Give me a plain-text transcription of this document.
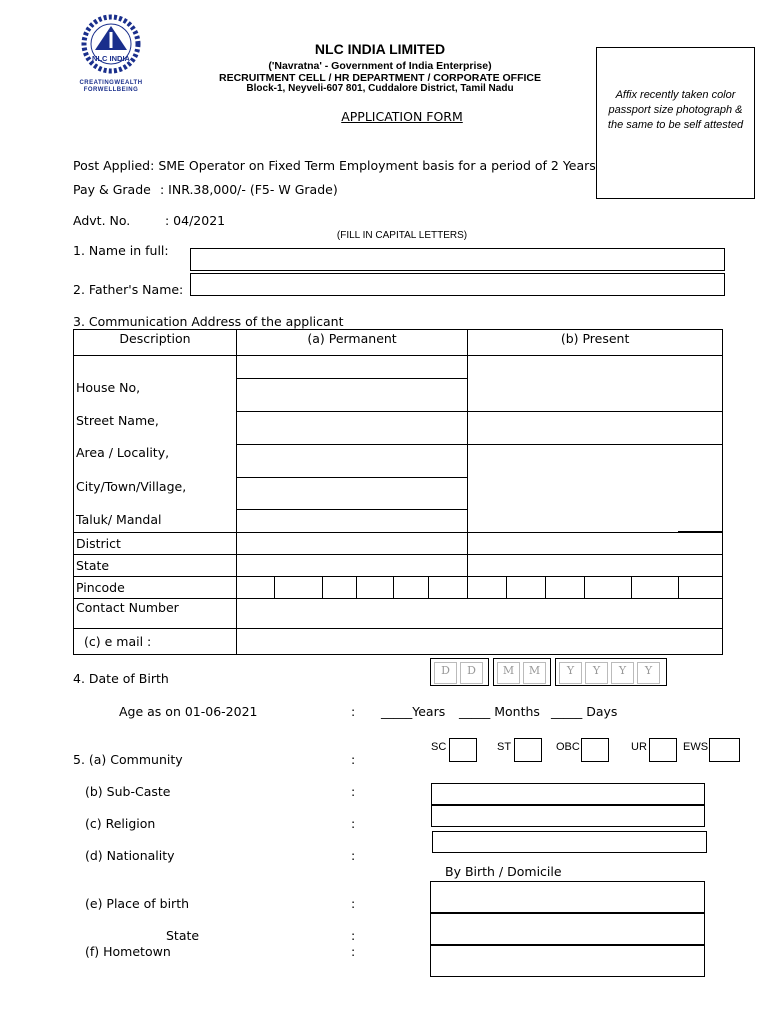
NLC INDIA
CREATINGWEALTH
FORWELLBEING
NLC INDIA LIMITED
('Navratna' - Government of India Enterprise)
RECRUITMENT CELL / HR DEPARTMENT / CORPORATE OFFICE
Block-1, Neyveli-607 801, Cuddalore District, Tamil Nadu
APPLICATION FORM
Affix recently taken color passport size photograph & the same to be self attested
Post Applied: SME Operator on Fixed Term Employment basis for a period of 2 Years
Pay & Grade : INR.38,000/- (F5- W Grade)
Advt. No.	: 04/2021
(FILL IN CAPITAL LETTERS)
1. Name in full:
2. Father's Name:
3. Communication Address of the applicant
Description	(a) Permanent						(b) Present					

House No,
Street Name,
Area / Locality,
City/Town/Village,
Taluk/ Mandal												

District												
State												
Pincode												
Contact Number												
(c) e mail :												
4. Date of Birth
D D	M M	Y Y Y Y
Age as on 01-06-2021	: _____Years _____ Months _____ Days
5. (a) Community	:
SC	ST	OBC	UR	EWS
(b) Sub-Caste	:
(c) Religion	:
(d) Nationality	:
By Birth / Domicile
(e) Place of birth	:
State	:
(f) Hometown	:
